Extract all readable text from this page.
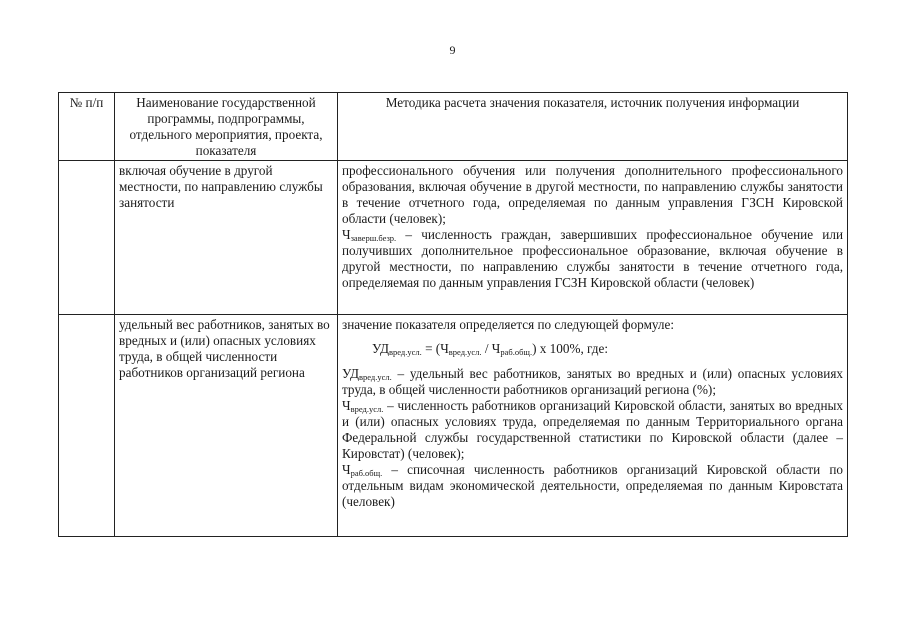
9
№ п/п	Наименование государственной программы, подпрограммы, отдельного мероприятия, проекта, показателя	Методика расчета значения показателя, источник получения информации
	включая обучение в другой местности, по направлению службы занятости	профессионального обучения или получения дополнительного профессионального образования, включая обучение в другой местности, по направлению службы занятости в течение отчетного года, определяемая по данным управления ГЗСН Кировской области (человек);

$Ч_{заверш.безр.}$ – численность граждан, завершивших профессиональное обучение или получивших дополнительное профессиональное образование, включая обучение в другой местности, по направлению службы занятости в течение отчетного года, определяемая по данным управления ГСЗН Кировской области (человек)

	удельный вес работников, занятых во вредных и (или) опасных условиях труда, в общей численности работников организаций региона	значение показателя определяется по следующей формуле:

$УД_{вред.усл.} = (Ч_{вред.усл.} / Ч_{раб.общ.})$ x 100%, где:

$УД_{вред.усл.}$ – удельный вес работников, занятых во вредных и (или) опасных условиях труда, в общей численности работников организаций региона (%);

$Ч_{вред.усл.}$ – численность работников организаций Кировской области, занятых во вредных и (или) опасных условиях труда, определяемая по данным Территориального органа Федеральной службы государственной статистики по Кировской области (далее – Кировстат) (человек);

$Ч_{раб.общ.}$ – списочная численность работников организаций Кировской области по отдельным видам экономической деятельности, определяемая по данным Кировстата (человек)
